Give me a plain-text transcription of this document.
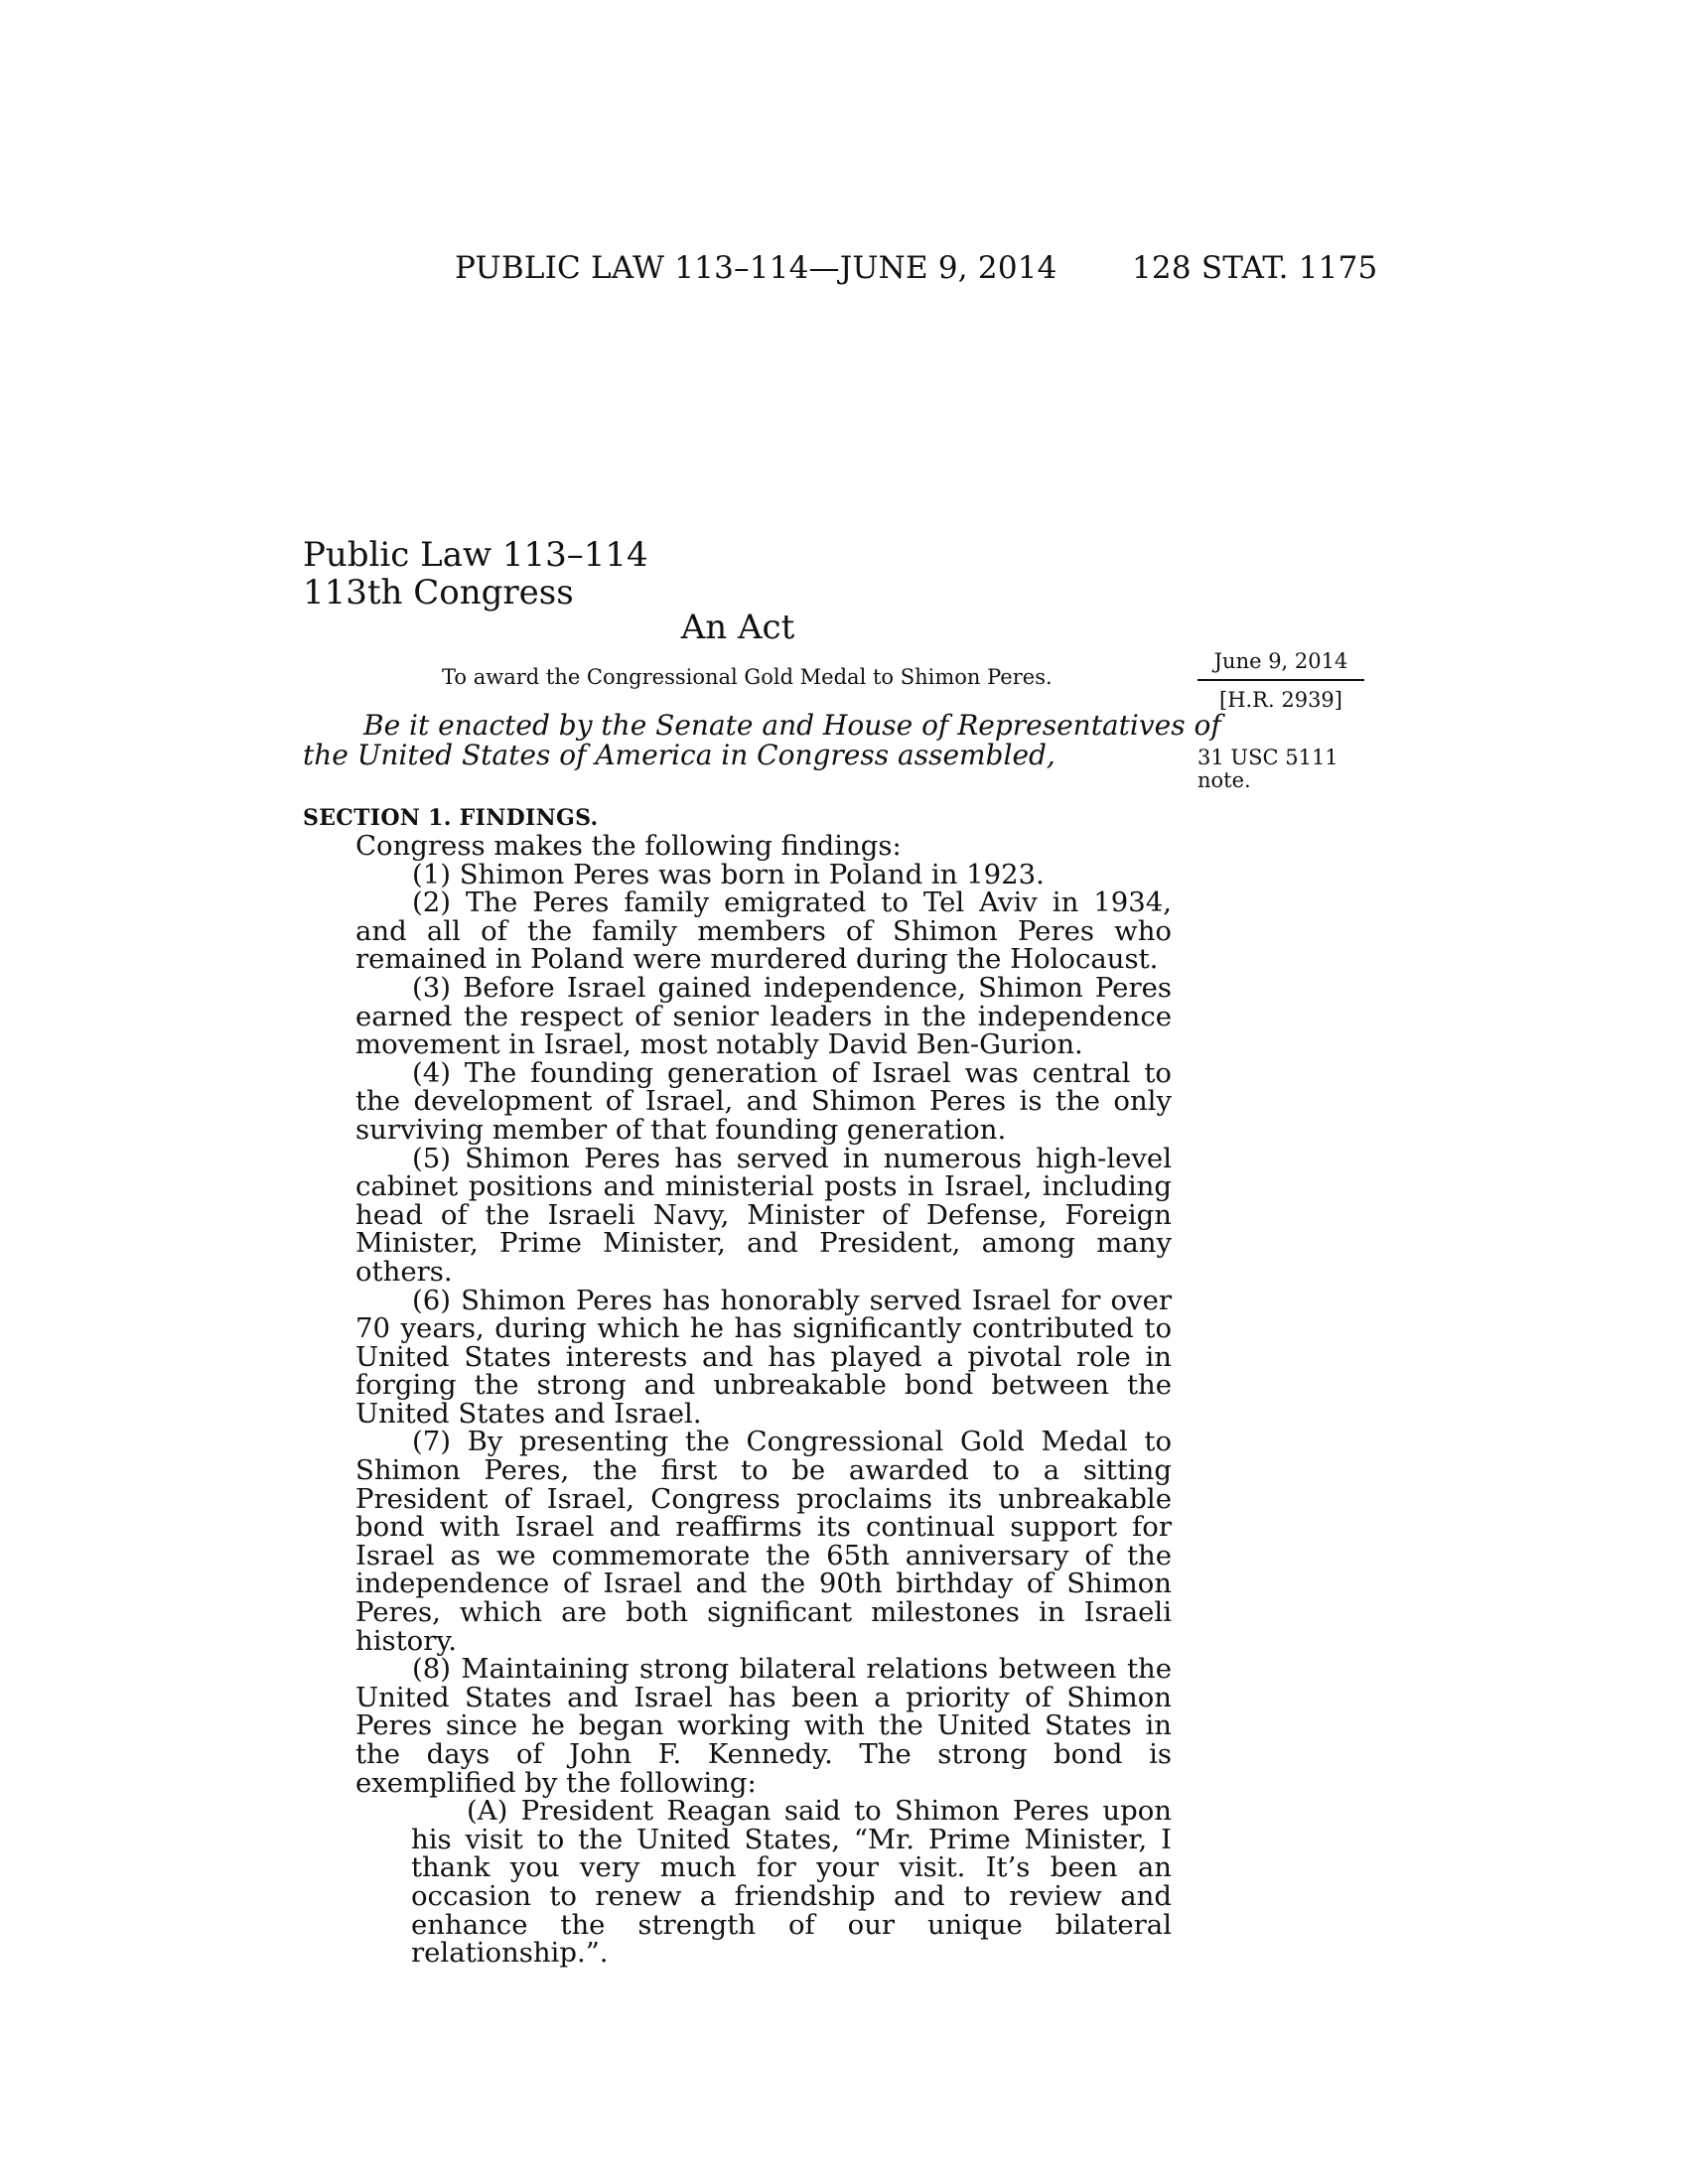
PUBLIC LAW 113–114—JUNE 9, 2014 128 STAT. 1175
Public Law 113–114
113th Congress
An Act
To award the Congressional Gold Medal to Shimon Peres.
June 9, 2014
[H.R. 2939]
31 USC 5111
note.
Be it enacted by the Senate and House of Representatives of
the United States of America in Congress assembled,
SECTION 1. FINDINGS.

Congress makes the following findings:

(1) Shimon Peres was born in Poland in 1923.

(2) The Peres family emigrated to Tel Aviv in 1934, and all of the family members of Shimon Peres who remained in Poland were murdered during the Holocaust.

(3) Before Israel gained independence, Shimon Peres earned the respect of senior leaders in the independence movement in Israel, most notably David Ben-Gurion.

(4) The founding generation of Israel was central to the development of Israel, and Shimon Peres is the only surviving member of that founding generation.

(5) Shimon Peres has served in numerous high-level cabinet positions and ministerial posts in Israel, including head of the Israeli Navy, Minister of Defense, Foreign Minister, Prime Minister, and President, among many others.

(6) Shimon Peres has honorably served Israel for over 70 years, during which he has significantly contributed to United States interests and has played a pivotal role in forging the strong and unbreakable bond between the United States and Israel.

(7) By presenting the Congressional Gold Medal to Shimon Peres, the first to be awarded to a sitting President of Israel, Congress proclaims its unbreakable bond with Israel and reaffirms its continual support for Israel as we commemorate the 65th anniversary of the independence of Israel and the 90th birthday of Shimon Peres, which are both significant milestones in Israeli history.

(8) Maintaining strong bilateral relations between the United States and Israel has been a priority of Shimon Peres since he began working with the United States in the days of John F. Kennedy. The strong bond is exemplified by the following:

(A) President Reagan said to Shimon Peres upon his visit to the United States, “Mr. Prime Minister, I thank you very much for your visit. It’s been an occasion to renew a friendship and to review and enhance the strength of our unique bilateral relationship.”.
